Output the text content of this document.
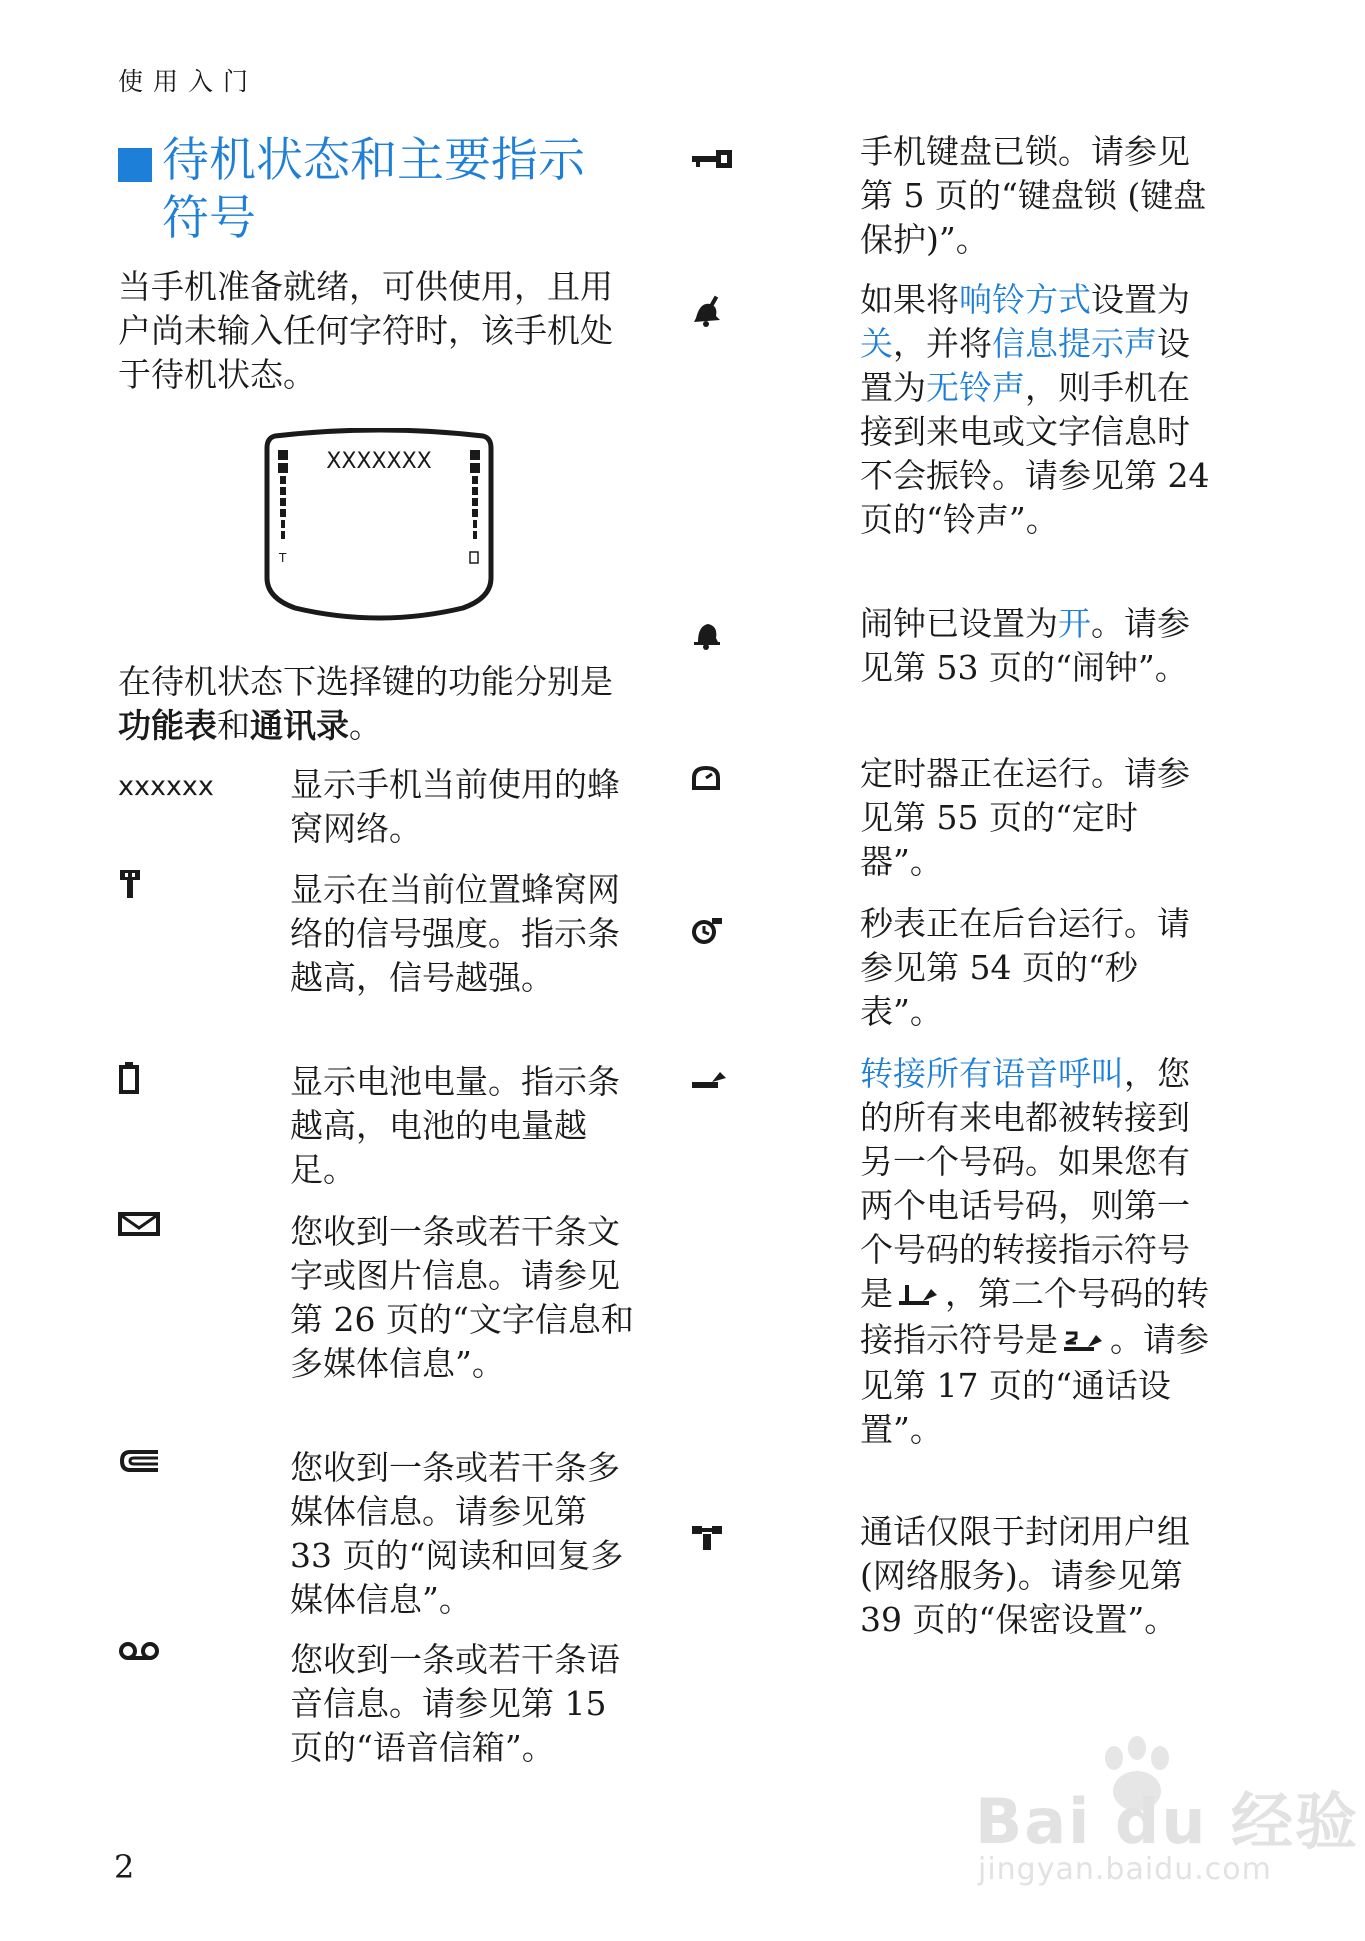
使用入门
待机状态和主要指示符号

当手机准备就绪，可供使用，且用户尚未输入任何字符时，该手机处于待机状态。

T
XXXXXXX

在待机状态下选择键的功能分别是功能表和通讯录。

xxxxxx 显示手机当前使用的蜂窝网络。

显示在当前位置蜂窝网络的信号强度。指示条越高，信号越强。

显示电池电量。指示条越高，电池的电量越足。

您收到一条或若干条文字或图片信息。请参见第 26 页的“文字信息和多媒体信息”。

您收到一条或若干条多媒体信息。请参见第 33 页的“阅读和回复多媒体信息”。

您收到一条或若干条语音信息。请参见第 15 页的“语音信箱”。

手机键盘已锁。请参见第 5 页的“键盘锁 (键盘保护)”。

如果将响铃方式设置为关，并将信息提示声设置为无铃声，则手机在接到来电或文字信息时不会振铃。请参见第 24 页的“铃声”。

闹钟已设置为开。请参见第 53 页的“闹钟”。

定时器正在运行。请参见第 55 页的“定时器”。

秒表正在后台运行。请参见第 54 页的“秒表”。

转接所有语音呼叫，您的所有来电都被转接到另一个号码。如果您有两个电话号码，则第一个号码的转接指示符号是 ，第二个号码的转接指示符号是 。请参见第 17 页的“通话设置”。

通话仅限于封闭用户组 (网络服务)。请参见第 39 页的“保密设置”。

2
Bai du 经验
jingyan.baidu.com
